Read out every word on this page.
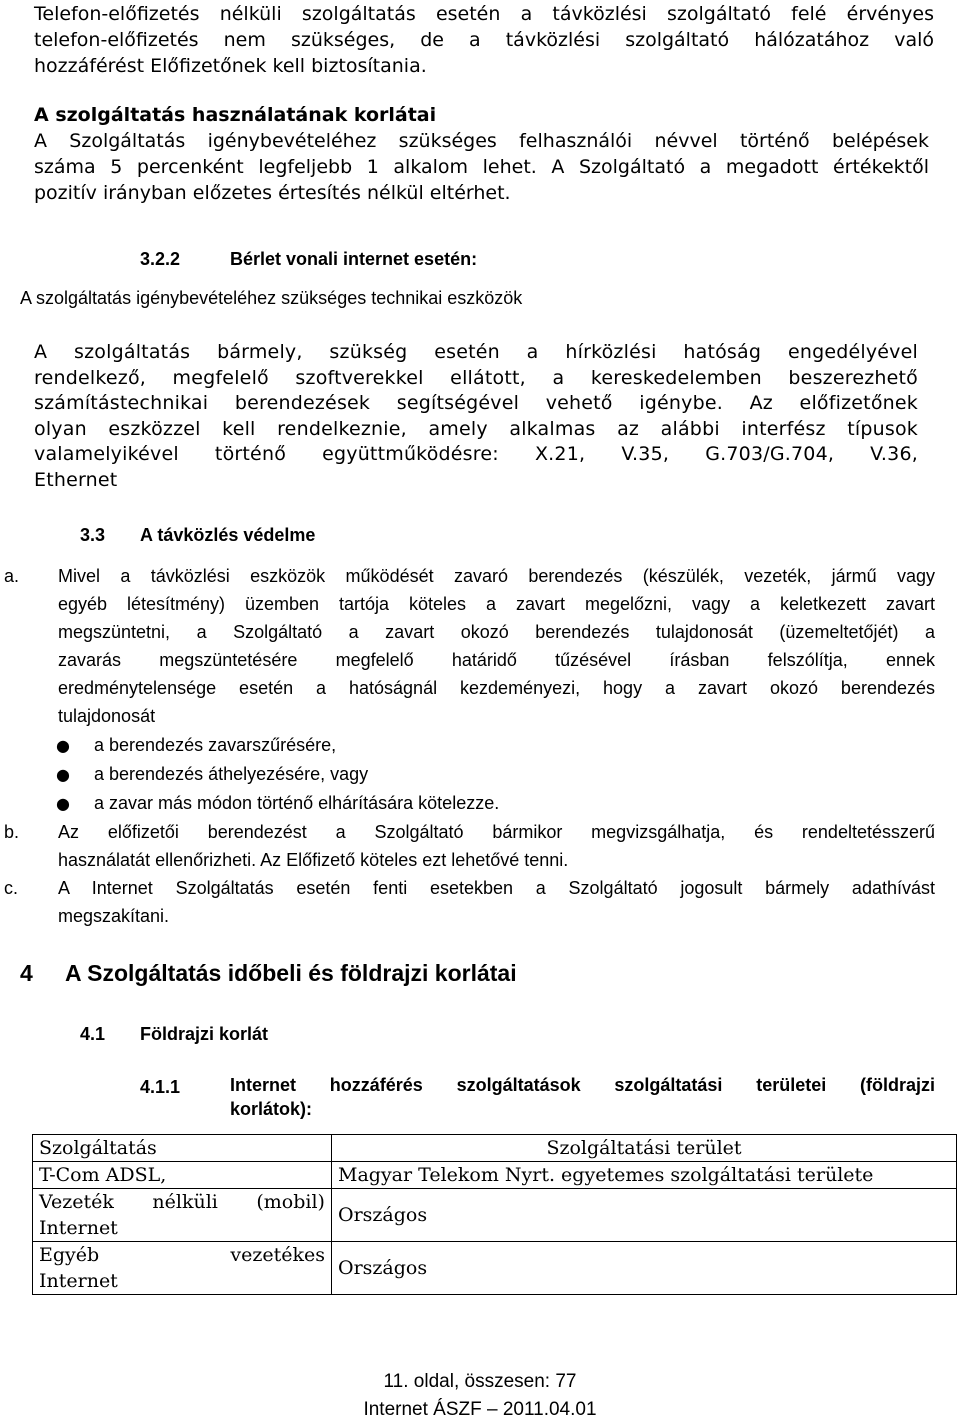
Telefon-előfizetés nélküli szolgáltatás esetén a távközlési szolgáltató felé érvényes
telefon-előfizetés nem szükséges, de a távközlési szolgáltató hálózatához való
hozzáférést Előfizetőnek kell biztosítania.
A szolgáltatás használatának korlátai
A Szolgáltatás igénybevételéhez szükséges felhasználói névvel történő belépések
száma 5 percenként legfeljebb 1 alkalom lehet. A Szolgáltató a megadott értékektől
pozitív irányban előzetes értesítés nélkül eltérhet.
3.2.2	Bérlet vonali internet esetén:
A szolgáltatás igénybevételéhez szükséges technikai eszközök
A szolgáltatás bármely, szükség esetén a hírközlési hatóság engedélyével
rendelkező, megfelelő szoftverekkel ellátott, a kereskedelemben beszerezhető
számítástechnikai berendezések segítségével vehető igénybe. Az előfizetőnek
olyan eszközzel kell rendelkeznie, amely alkalmas az alábbi interfész típusok
valamelyikével történő együttműködésre: X.21, V.35, G.703/G.704, V.36,
Ethernet
3.3 A távközlés védelme
a. Mivel a távközlési eszközök működését zavaró berendezés (készülék, vezeték, jármű vagy
egyéb létesítmény) üzemben tartója köteles a zavart megelőzni, vagy a keletkezett zavart
megszüntetni, a Szolgáltató a zavart okozó berendezés tulajdonosát (üzemeltetőjét) a
zavarás megszüntetésére megfelelő határidő tűzésével írásban felszólítja, ennek
eredménytelensége esetén a hatóságnál kezdeményezi, hogy a zavart okozó berendezés
tulajdonosát
● a berendezés zavarszűrésére,
● a berendezés áthelyezésére, vagy
● a zavar más módon történő elhárítására kötelezze.
b. Az előfizetői berendezést a Szolgáltató bármikor megvizsgálhatja, és rendeltetésszerű
használatát ellenőrizheti. Az Előfizető köteles ezt lehetővé tenni.
c. A Internet Szolgáltatás esetén fenti esetekben a Szolgáltató jogosult bármely adathívást
megszakítani.
4 A Szolgáltatás időbeli és földrajzi korlátai
4.1 Földrajzi korlát
4.1.1	Internet hozzáférés szolgáltatások szolgáltatási területei (földrajzi
korlátok):
Szolgáltatás	Szolgáltatási terület
T-Com ADSL,	Magyar Telekom Nyrt. egyetemes szolgáltatási területe

Vezeték nélküli (mobil)
Internet	Országos

Egyéb vezetékes
Internet	Országos
11. oldal, összesen: 77
Internet ÁSZF – 2011.04.01
